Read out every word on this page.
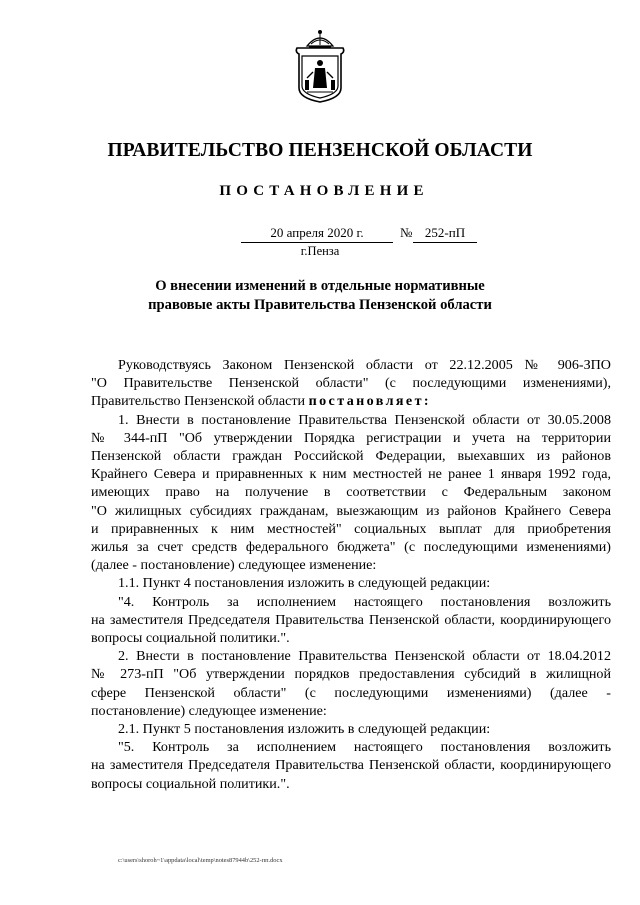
ПРАВИТЕЛЬСТВО ПЕНЗЕНСКОЙ ОБЛАСТИ
ПОСТАНОВЛЕНИЕ
20 апреля 2020 г.	№ 252-пП
г.Пенза
О внесении изменений в отдельные нормативные
правовые акты Правительства Пензенской области
Руководствуясь Законом Пензенской области от 22.12.2005 № 906-ЗПО
"О Правительстве Пензенской области" (с последующими изменениями),
Правительство Пензенской области постановляет:
1. Внести в постановление Правительства Пензенской области от 30.05.2008
№ 344-пП "Об утверждении Порядка регистрации и учета на территории
Пензенской области граждан Российской Федерации, выехавших из районов
Крайнего Севера и приравненных к ним местностей не ранее 1 января 1992 года,
имеющих право на получение в соответствии с Федеральным законом
"О жилищных субсидиях гражданам, выезжающим из районов Крайнего Севера
и приравненных к ним местностей" социальных выплат для приобретения
жилья за счет средств федерального бюджета" (с последующими изменениями)
(далее - постановление) следующее изменение:
1.1. Пункт 4 постановления изложить в следующей редакции:
"4. Контроль за исполнением настоящего постановления возложить
на заместителя Председателя Правительства Пензенской области, координирующего
вопросы социальной политики.".
2. Внести в постановление Правительства Пензенской области от 18.04.2012
№ 273-пП "Об утверждении порядков предоставления субсидий в жилищной
сфере Пензенской области" (с последующими изменениями) (далее -
постановление) следующее изменение:
2.1. Пункт 5 постановления изложить в следующей редакции:
"5. Контроль за исполнением настоящего постановления возложить
на заместителя Председателя Правительства Пензенской области, координирующего
вопросы социальной политики.".
c:\users\shoroh~1\appdata\local\temp\notes87944b\252-пп.docx
